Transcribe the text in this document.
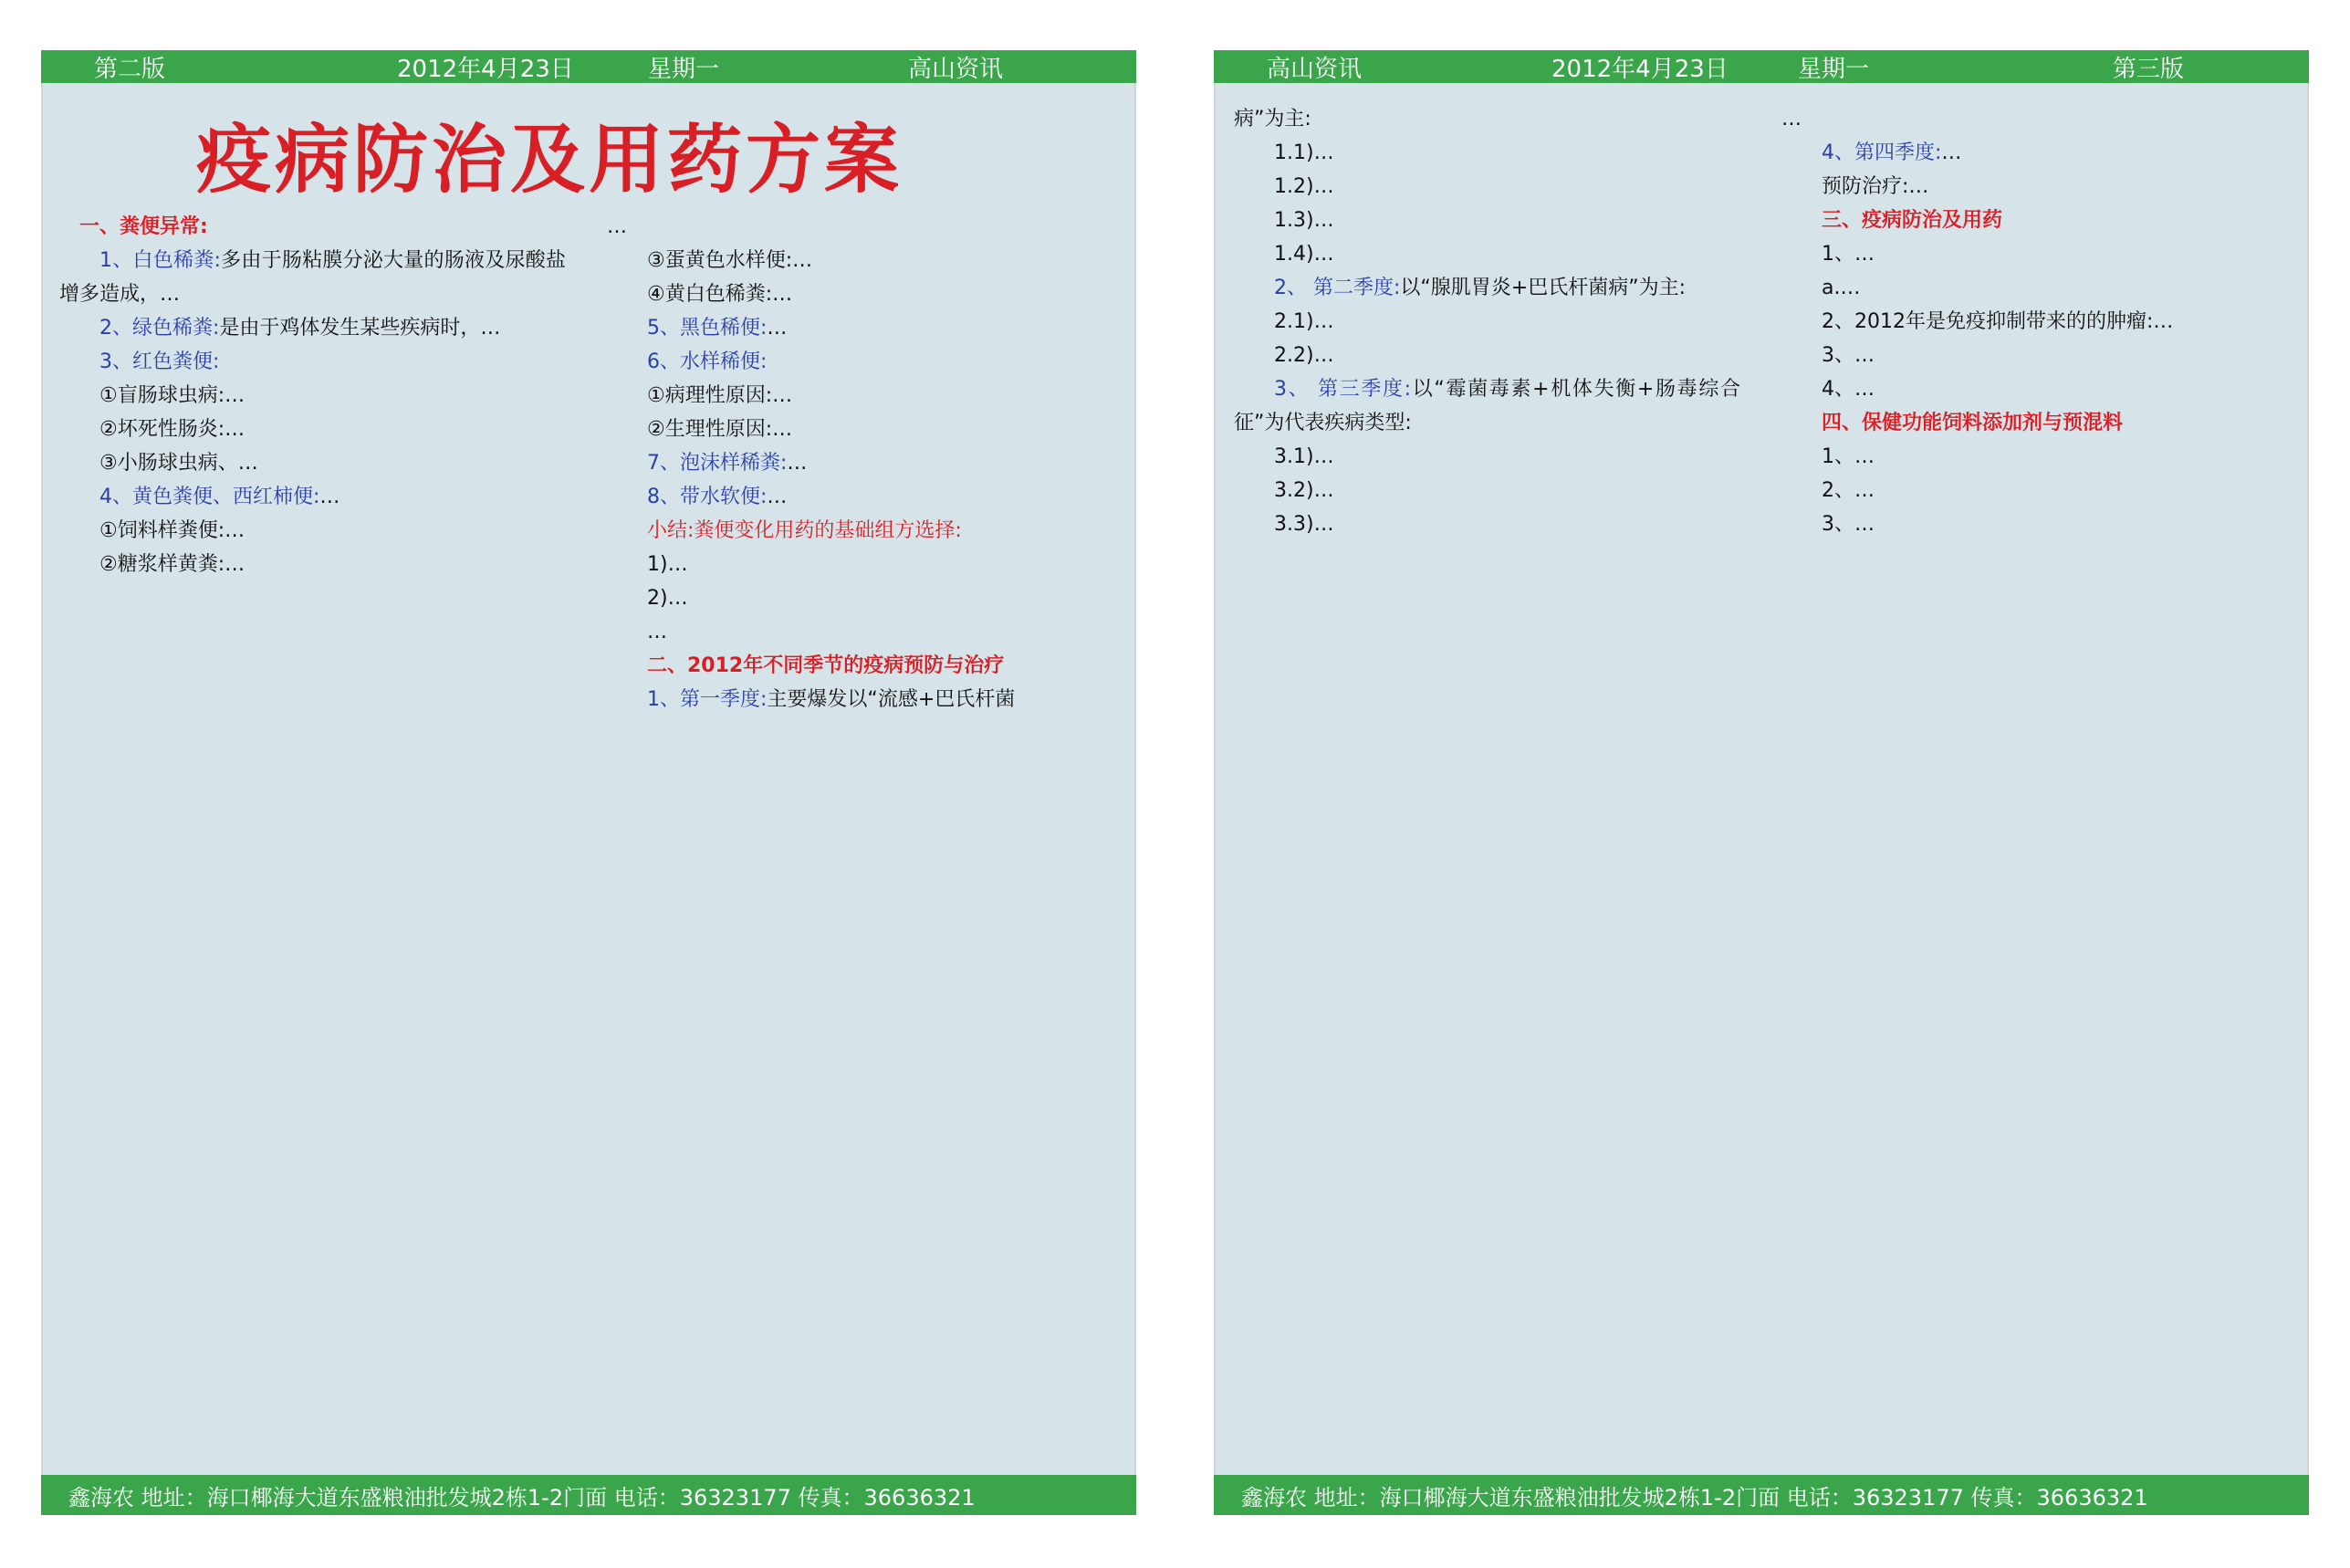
第二版	2012年4月23日	星期一	高山资讯
疫病防治及用药方案

一、粪便异常:

1、白色稀粪:多由于肠粘膜分泌大量的肠液及尿酸盐增多造成，…

2、绿色稀粪:是由于鸡体发生某些疾病时，…

3、红色粪便:

①盲肠球虫病:…

②坏死性肠炎:…

③小肠球虫病、…

4、黄色粪便、西红柿便:…

①饲料样粪便:…

②糖浆样黄粪:…

…

③蛋黄色水样便:…

④黄白色稀粪:…

5、黑色稀便:…

6、水样稀便:

①病理性原因:…

②生理性原因:…

7、泡沫样稀粪:…

8、带水软便:…

小结:粪便变化用药的基础组方选择:

1)…

2)…

…

二、2012年不同季节的疫病预防与治疗

1、第一季度:主要爆发以“流感+巴氏杆菌

鑫海农 地址：海口椰海大道东盛粮油批发城2栋1-2门面 电话：36323177 传真：36636321
高山资讯	2012年4月23日	星期一	第三版

病”为主:

1.1)…

1.2)…

1.3)…

1.4)…

2、 第二季度:以“腺肌胃炎+巴氏杆菌病”为主:

2.1)…

2.2)…

3、 第三季度:以“霉菌毒素+机体失衡+肠毒综合征”为代表疾病类型:

3.1)…

3.2)…

3.3)…

…

4、第四季度:…

预防治疗:…

三、疫病防治及用药

1、…

a.…

2、2012年是免疫抑制带来的的肿瘤:…

3、…

4、…

四、保健功能饲料添加剂与预混料

1、…

2、…

3、…

鑫海农 地址：海口椰海大道东盛粮油批发城2栋1-2门面 电话：36323177 传真：36636321
